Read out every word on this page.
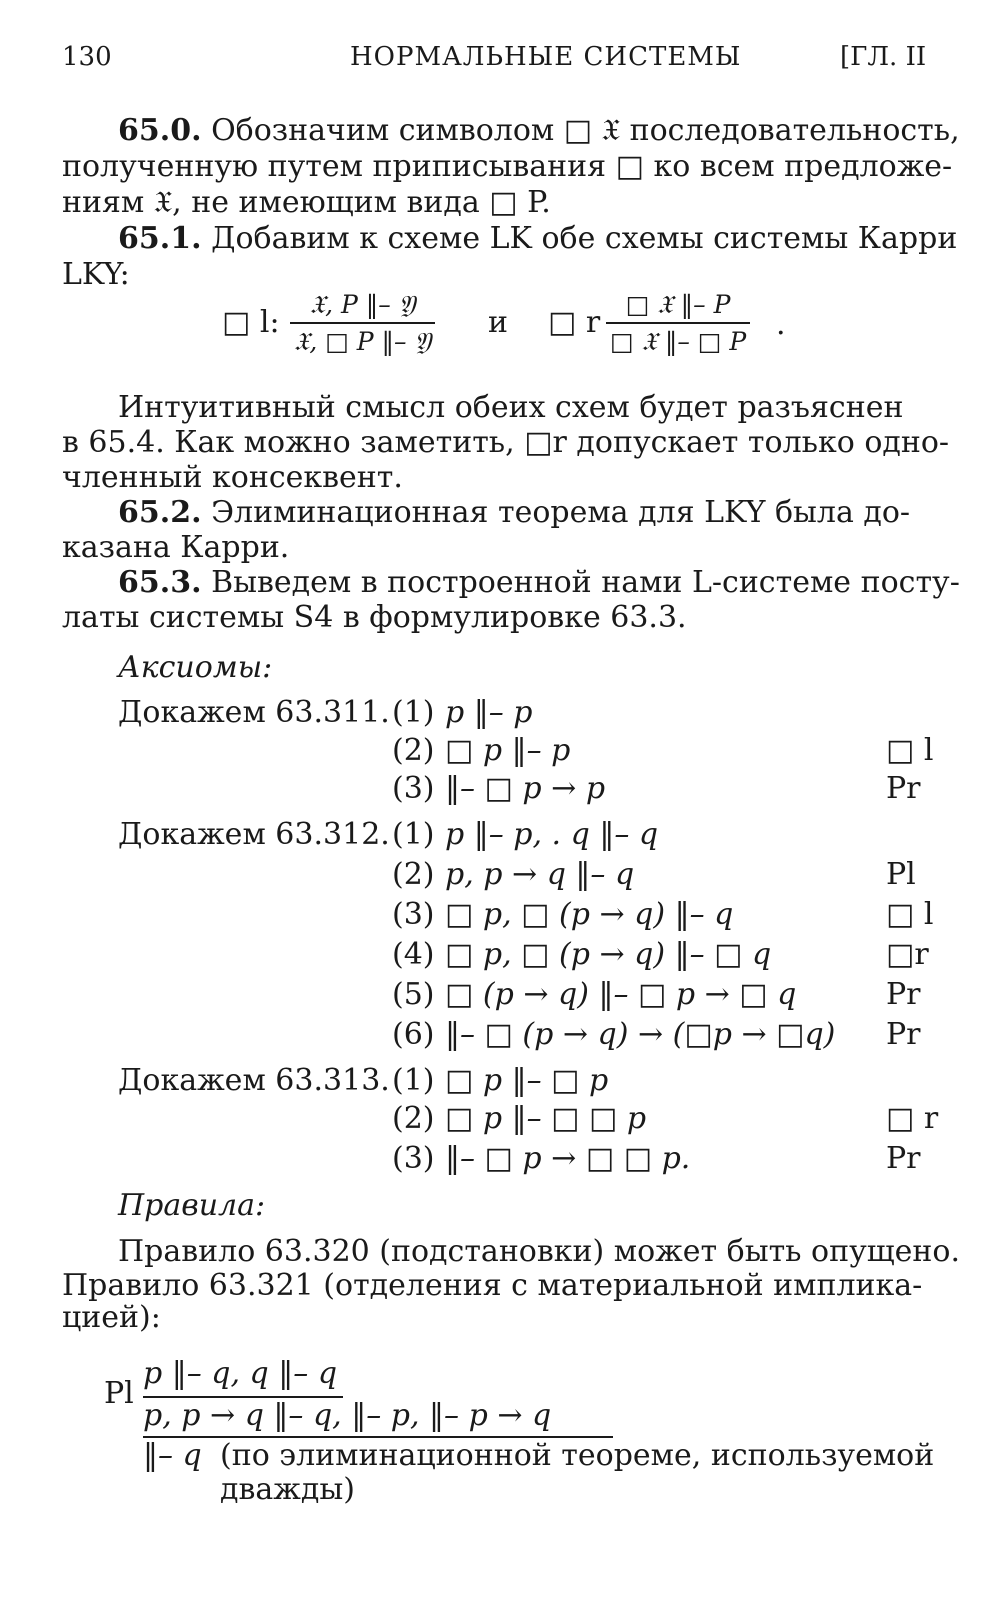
130	НОРМАЛЬНЫЕ СИСТЕМЫ	[ГЛ. II
65.0. Обозначим символом □ 𝔛 последовательность,
полученную путем приписывания □ ко всем предложе-
ниям 𝔛, не имеющим вида □ P.
65.1. Добавим к схеме LK обе схемы системы Карри
LKY:
□ l:
𝔛, P ‖– 𝔜
𝔛, □ P ‖– 𝔜
и □ r
□ 𝔛 ‖– P
□ 𝔛 ‖– □ P .
Интуитивный смысл обеих схем будет разъяснен
в 65.4. Как можно заметить, □r допускает только одно-
членный консеквент.
65.2. Элиминационная теорема для LKY была до-
казана Карри.
65.3. Выведем в построенной нами L-системе посту-
латы системы S4 в формулировке 63.3.
Аксиомы:
Докажем 63.311. (1) p ‖– p
(2) □ p ‖– p	□ l
(3) ‖– □ p → p	Pr
Докажем 63.312. (1) p ‖– p, . q ‖– q
(2) p, p → q ‖– q	Pl
(3) □ p, □ (p → q) ‖– q	□ l
(4) □ p, □ (p → q) ‖– □ q	□r
(5) □ (p → q) ‖– □ p → □ q	Pr
(6) ‖– □ (p → q) → (□p → □q) Pr
Докажем 63.313. (1) □ p ‖– □ p
(2) □ p ‖– □ □ p	□ r
(3) ‖– □ p → □ □ p.	Pr
Правила:
Правило 63.320 (подстановки) может быть опущено.
Правило 63.321 (отделения с материальной импликa-
цией):
Pl
p ‖– q, q ‖– q
p, p → q ‖– q, ‖– p, ‖– p → q
‖– q (по элиминационной теореме, используемой
дважды)
